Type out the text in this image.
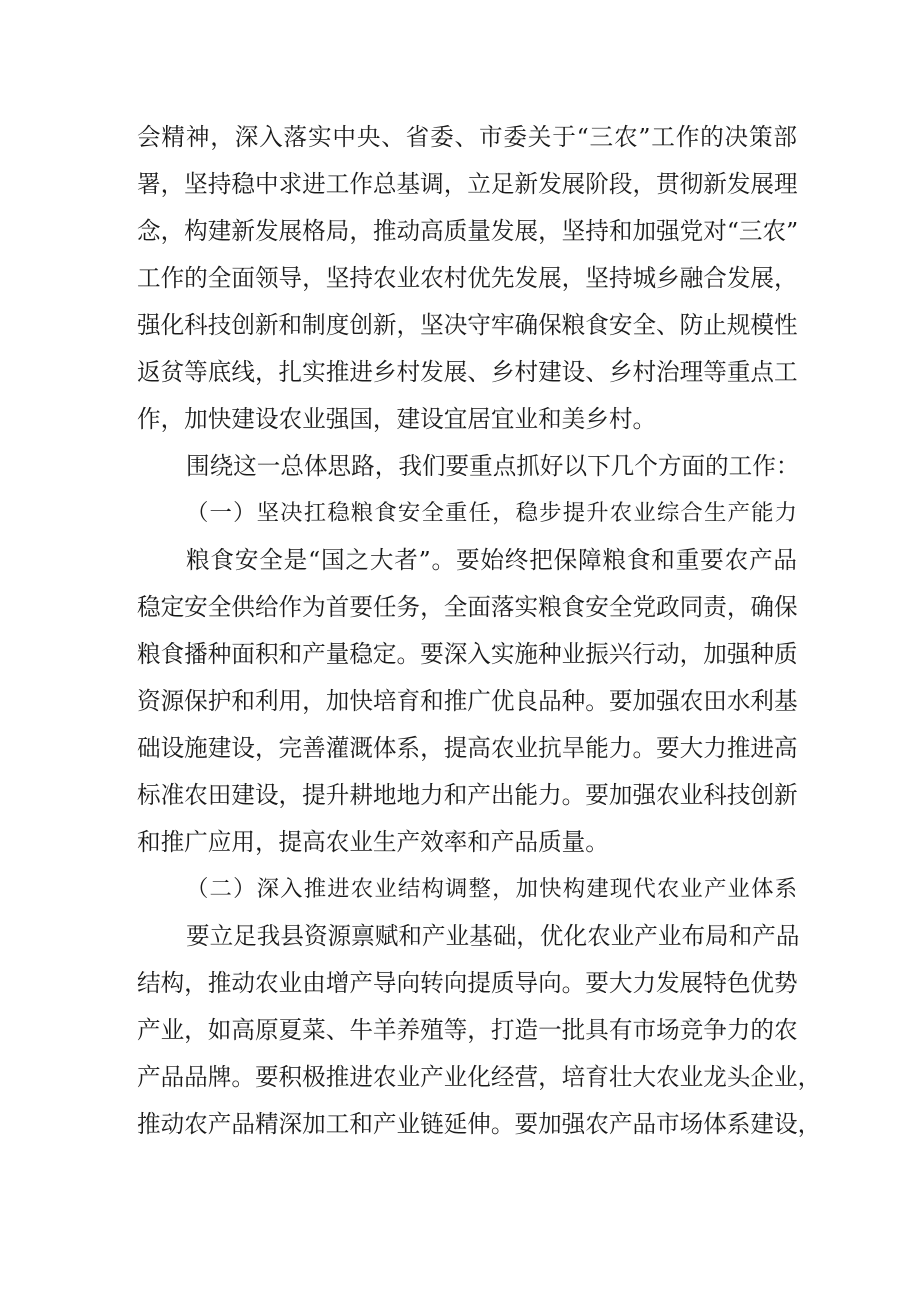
会精神，深入落实中央、省委、市委关于“三农”工作的决策部
署，坚持稳中求进工作总基调，立足新发展阶段，贯彻新发展理
念，构建新发展格局，推动高质量发展，坚持和加强党对“三农”
工作的全面领导，坚持农业农村优先发展，坚持城乡融合发展，
强化科技创新和制度创新，坚决守牢确保粮食安全、防止规模性
返贫等底线，扎实推进乡村发展、乡村建设、乡村治理等重点工
作，加快建设农业强国，建设宜居宜业和美乡村。
围绕这一总体思路，我们要重点抓好以下几个方面的工作：
（一）坚决扛稳粮食安全重任，稳步提升农业综合生产能力
粮食安全是“国之大者”。要始终把保障粮食和重要农产品
稳定安全供给作为首要任务，全面落实粮食安全党政同责，确保
粮食播种面积和产量稳定。要深入实施种业振兴行动，加强种质
资源保护和利用，加快培育和推广优良品种。要加强农田水利基
础设施建设，完善灌溉体系，提高农业抗旱能力。要大力推进高
标准农田建设，提升耕地地力和产出能力。要加强农业科技创新
和推广应用，提高农业生产效率和产品质量。
（二）深入推进农业结构调整，加快构建现代农业产业体系
要立足我县资源禀赋和产业基础，优化农业产业布局和产品
结构，推动农业由增产导向转向提质导向。要大力发展特色优势
产业，如高原夏菜、牛羊养殖等，打造一批具有市场竞争力的农
产品品牌。要积极推进农业产业化经营，培育壮大农业龙头企业，
推动农产品精深加工和产业链延伸。要加强农产品市场体系建设，
